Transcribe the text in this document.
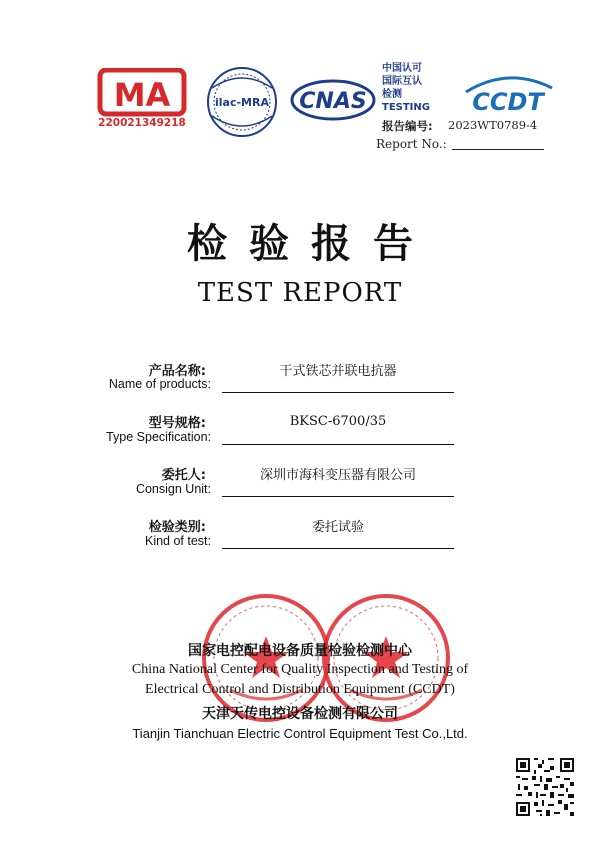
MA
220021349218
ilac-MRA CNAS
中国认可
国际互认
检测
TESTING	CCDT
报告编号: 2023WT0789-4
Report No.:
检验报告
TEST REPORT
产品名称:
Name of products:
干式铁芯并联电抗器
型号规格:
Type Specification:
BKSC-6700/35
委托人:
Consign Unit:
深圳市海科变压器有限公司
检验类别:
Kind of test:
委托试验
国家电控配电设备质量检验检测中心
China National Center for Quality Inspection and Testing of
Electrical Control and Distribution Equipment (CCDT)
天津天传电控设备检测有限公司
Tianjin Tianchuan Electric Control Equipment Test Co.,Ltd.
